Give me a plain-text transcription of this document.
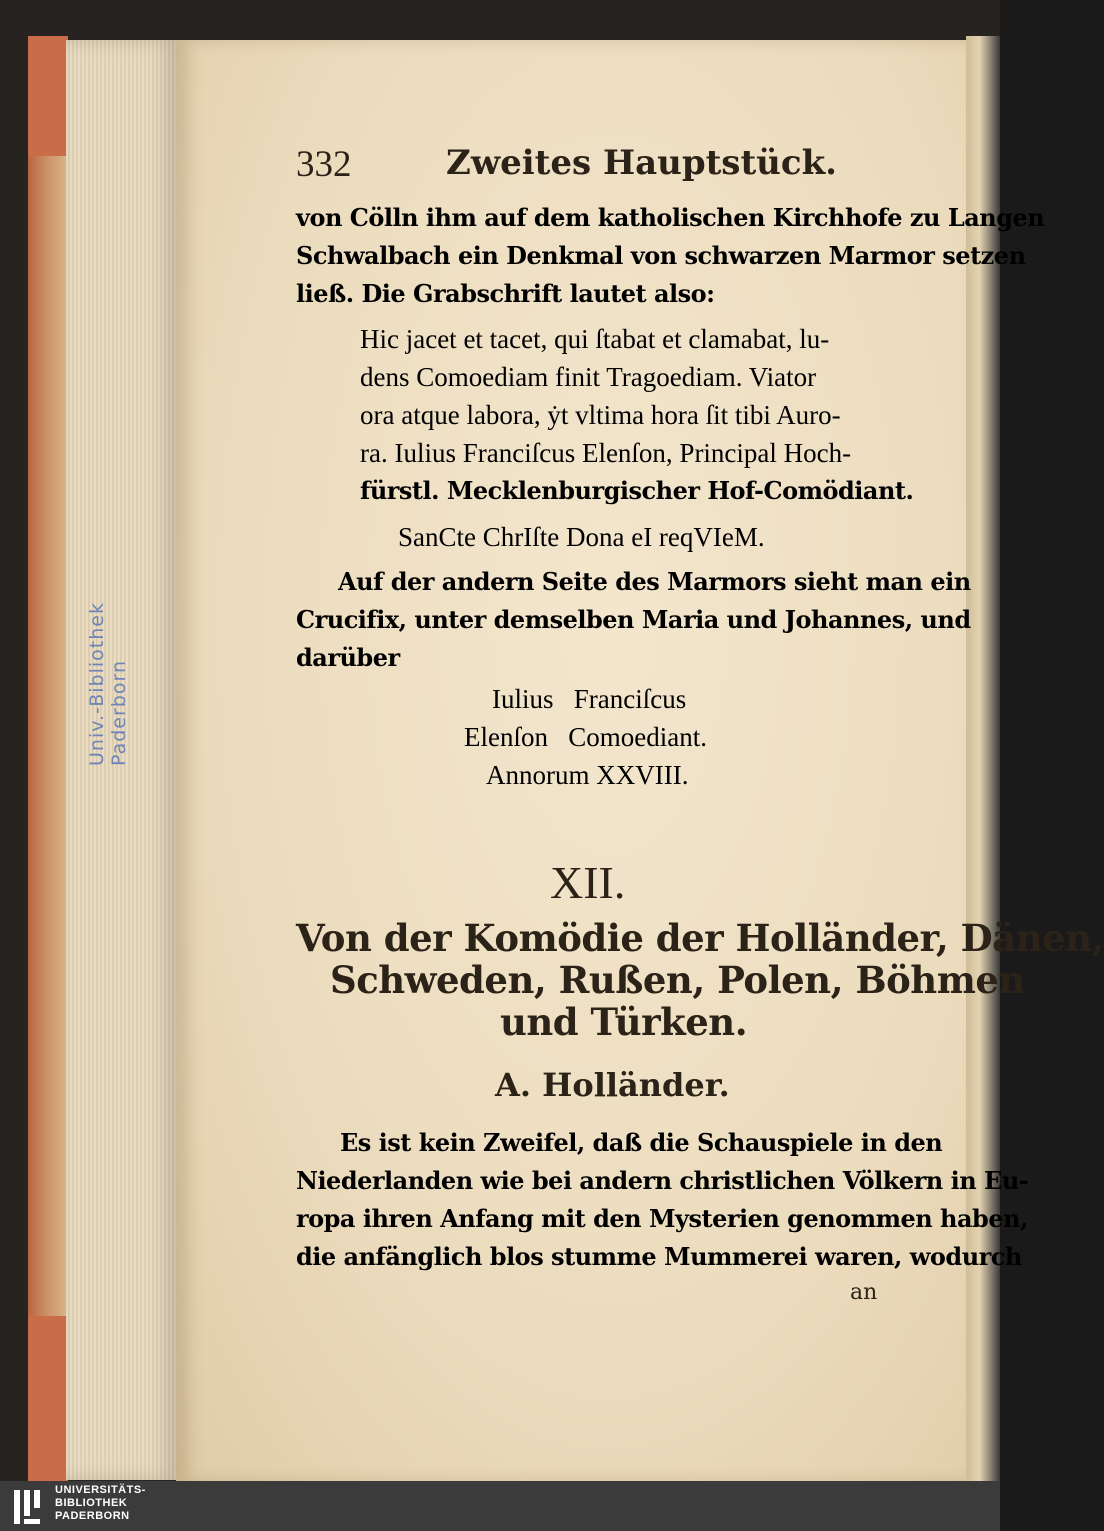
Univ.-Bibliothek Paderborn
332	Zweites Hauptstück.
von Cölln ihm auf dem katholischen Kirchhofe zu Langen
Schwalbach ein Denkmal von schwarzen Marmor setzen
ließ. Die Grabschrift lautet also:
Hic jacet et tacet, qui ſtabat et clamabat, lu-
dens Comoediam finit Tragoediam. Viator
ora atque labora, ẏt vltima hora ſit tibi Auro-
ra. Iulius Franciſcus Elenſon, Principal Hoch-
fürstl. Mecklenburgischer Hof-Comödiant.
SanCte ChrIſte Dona eI reqVIeM.
Auf der andern Seite des Marmors sieht man ein
Crucifix, unter demselben Maria und Johannes, und
darüber
Iulius   Franciſcus
Elenſon   Comoediant.
Annorum XXVIII.
XII.
Von der Komödie der Holländer, Dänen,
Schweden, Rußen, Polen, Böhmen
und Türken.
A. Holländer.
Es ist kein Zweifel, daß die Schauspiele in den
Niederlanden wie bei andern christlichen Völkern in Eu-
ropa ihren Anfang mit den Mysterien genommen haben,
die anfänglich blos stumme Mummerei waren, wodurch
an
UNIVERSITÄTS-
BIBLIOTHEK
PADERBORN
